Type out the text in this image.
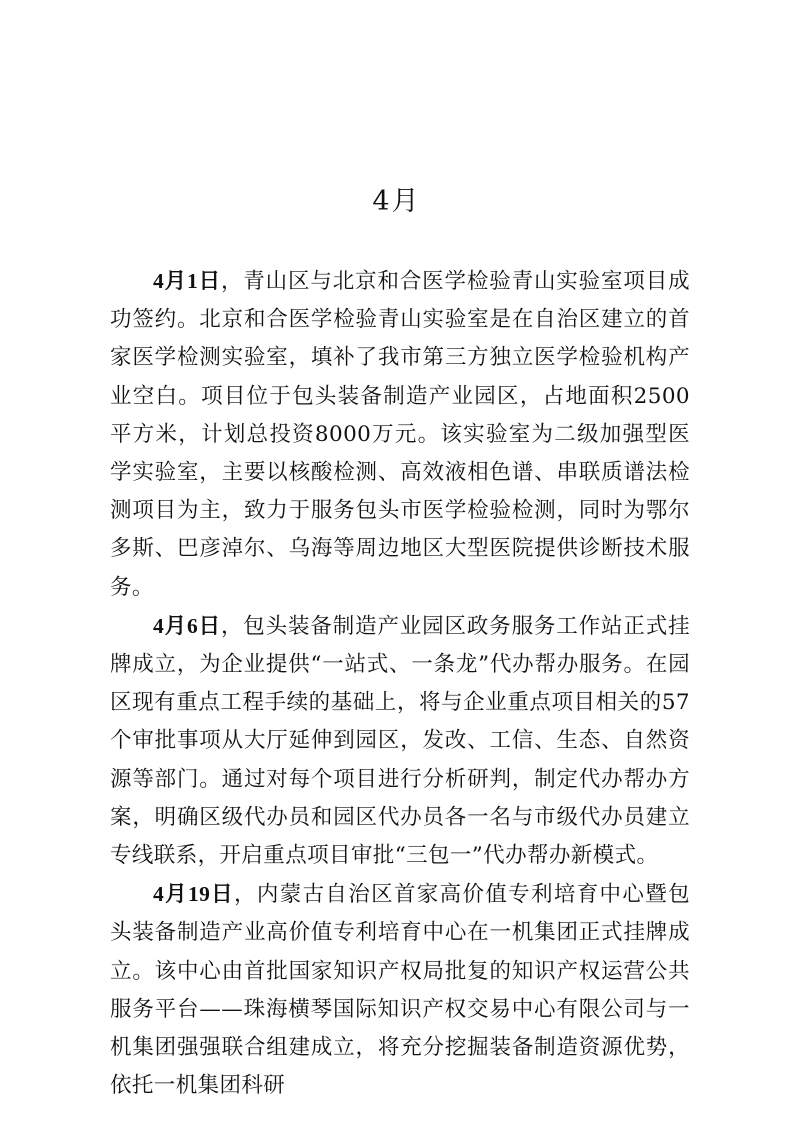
4月

4月1日，青山区与北京和合医学检验青山实验室项目成功签约。北京和合医学检验青山实验室是在自治区建立的首家医学检测实验室，填补了我市第三方独立医学检验机构产业空白。项目位于包头装备制造产业园区，占地面积2500平方米，计划总投资8000万元。该实验室为二级加强型医学实验室，主要以核酸检测、高效液相色谱、串联质谱法检测项目为主，致力于服务包头市医学检验检测，同时为鄂尔多斯、巴彦淖尔、乌海等周边地区大型医院提供诊断技术服务。

4月6日，包头装备制造产业园区政务服务工作站正式挂牌成立，为企业提供“一站式、一条龙”代办帮办服务。在园区现有重点工程手续的基础上，将与企业重点项目相关的57个审批事项从大厅延伸到园区，发改、工信、生态、自然资源等部门。通过对每个项目进行分析研判，制定代办帮办方案，明确区级代办员和园区代办员各一名与市级代办员建立专线联系，开启重点项目审批“三包一”代办帮办新模式。

4月19日，内蒙古自治区首家高价值专利培育中心暨包头装备制造产业高价值专利培育中心在一机集团正式挂牌成立。该中心由首批国家知识产权局批复的知识产权运营公共服务平台——珠海横琴国际知识产权交易中心有限公司与一机集团强强联合组建成立，将充分挖掘装备制造资源优势，依托一机集团科研
